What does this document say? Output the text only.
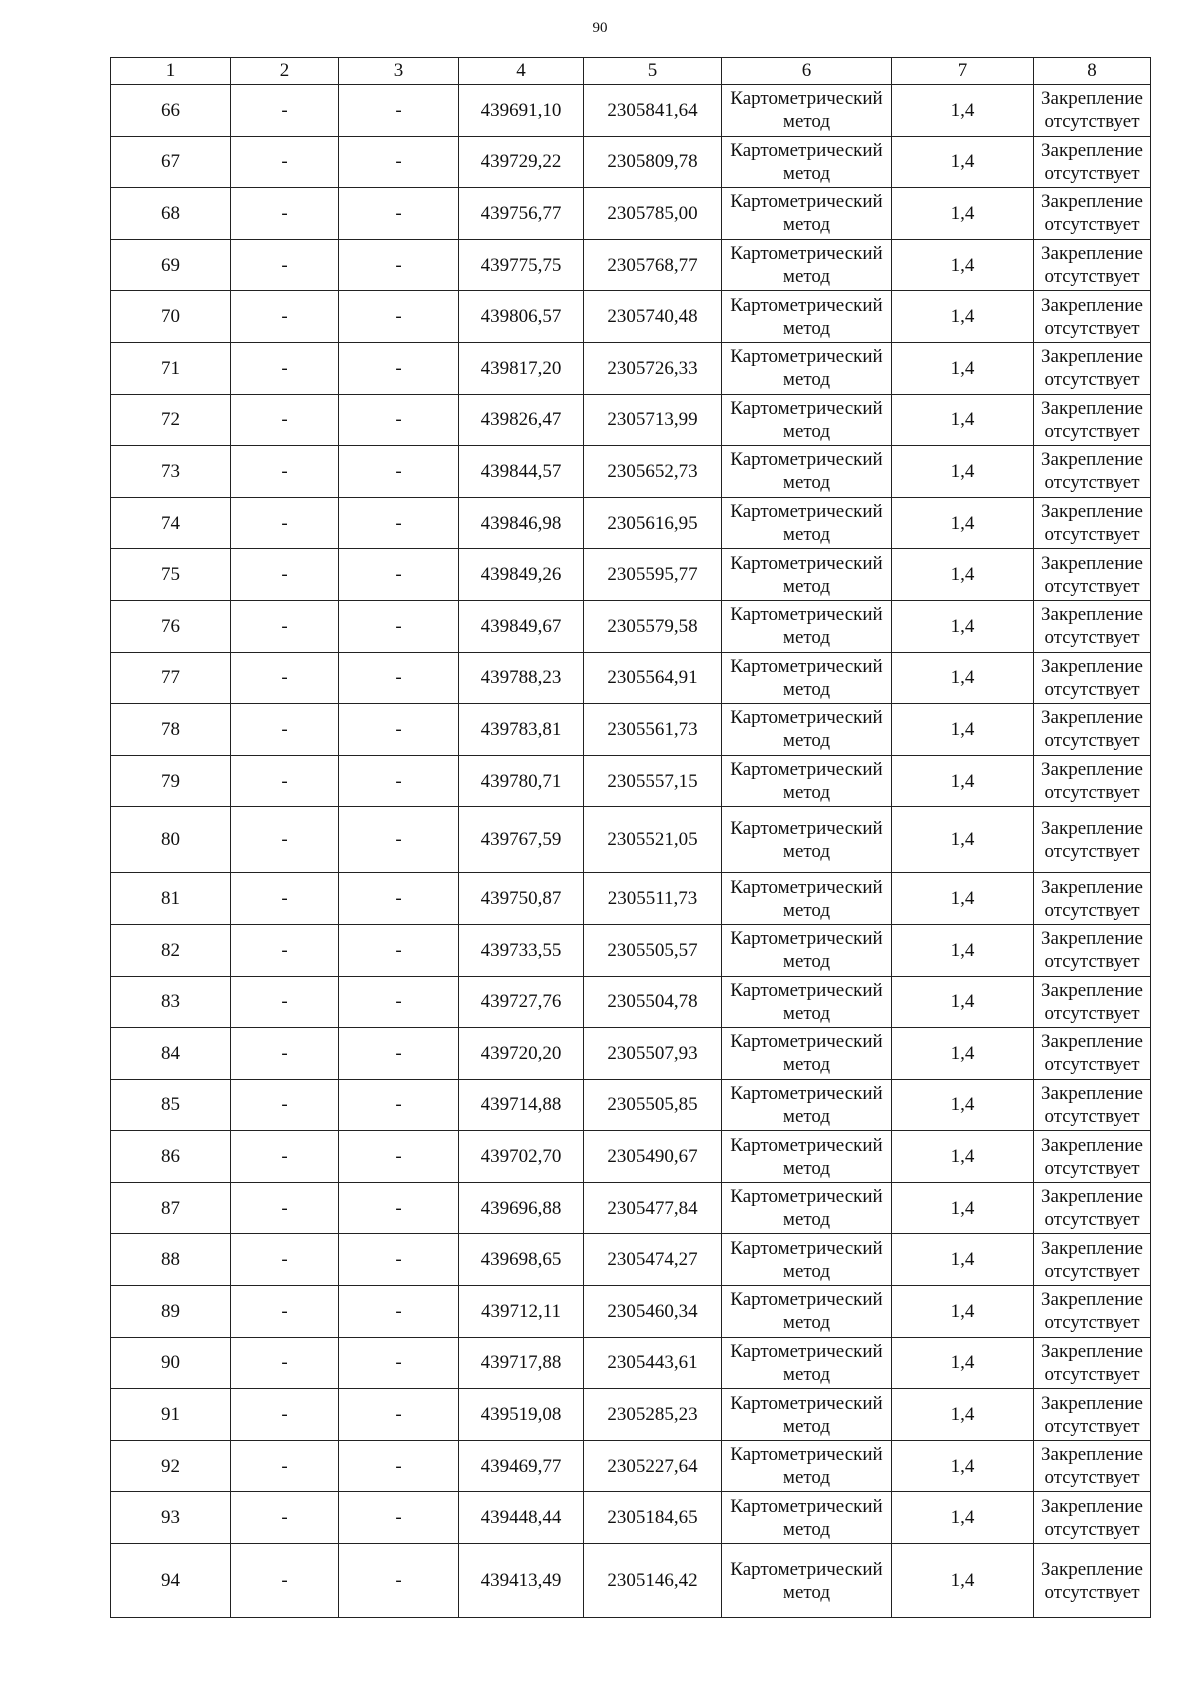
90
1	2	3	4	5	6	7	8
66	-	-	439691,10	2305841,64	Картометрический метод	1,4	Закрепление отсутствует
67	-	-	439729,22	2305809,78	Картометрический метод	1,4	Закрепление отсутствует
68	-	-	439756,77	2305785,00	Картометрический метод	1,4	Закрепление отсутствует
69	-	-	439775,75	2305768,77	Картометрический метод	1,4	Закрепление отсутствует
70	-	-	439806,57	2305740,48	Картометрический метод	1,4	Закрепление отсутствует
71	-	-	439817,20	2305726,33	Картометрический метод	1,4	Закрепление отсутствует
72	-	-	439826,47	2305713,99	Картометрический метод	1,4	Закрепление отсутствует
73	-	-	439844,57	2305652,73	Картометрический метод	1,4	Закрепление отсутствует
74	-	-	439846,98	2305616,95	Картометрический метод	1,4	Закрепление отсутствует
75	-	-	439849,26	2305595,77	Картометрический метод	1,4	Закрепление отсутствует
76	-	-	439849,67	2305579,58	Картометрический метод	1,4	Закрепление отсутствует
77	-	-	439788,23	2305564,91	Картометрический метод	1,4	Закрепление отсутствует
78	-	-	439783,81	2305561,73	Картометрический метод	1,4	Закрепление отсутствует
79	-	-	439780,71	2305557,15	Картометрический метод	1,4	Закрепление отсутствует
80	-	-	439767,59	2305521,05	Картометрический метод	1,4	Закрепление отсутствует
81	-	-	439750,87	2305511,73	Картометрический метод	1,4	Закрепление отсутствует
82	-	-	439733,55	2305505,57	Картометрический метод	1,4	Закрепление отсутствует
83	-	-	439727,76	2305504,78	Картометрический метод	1,4	Закрепление отсутствует
84	-	-	439720,20	2305507,93	Картометрический метод	1,4	Закрепление отсутствует
85	-	-	439714,88	2305505,85	Картометрический метод	1,4	Закрепление отсутствует
86	-	-	439702,70	2305490,67	Картометрический метод	1,4	Закрепление отсутствует
87	-	-	439696,88	2305477,84	Картометрический метод	1,4	Закрепление отсутствует
88	-	-	439698,65	2305474,27	Картометрический метод	1,4	Закрепление отсутствует
89	-	-	439712,11	2305460,34	Картометрический метод	1,4	Закрепление отсутствует
90	-	-	439717,88	2305443,61	Картометрический метод	1,4	Закрепление отсутствует
91	-	-	439519,08	2305285,23	Картометрический метод	1,4	Закрепление отсутствует
92	-	-	439469,77	2305227,64	Картометрический метод	1,4	Закрепление отсутствует
93	-	-	439448,44	2305184,65	Картометрический метод	1,4	Закрепление отсутствует
94	-	-	439413,49	2305146,42	Картометрический метод	1,4	Закрепление отсутствует
